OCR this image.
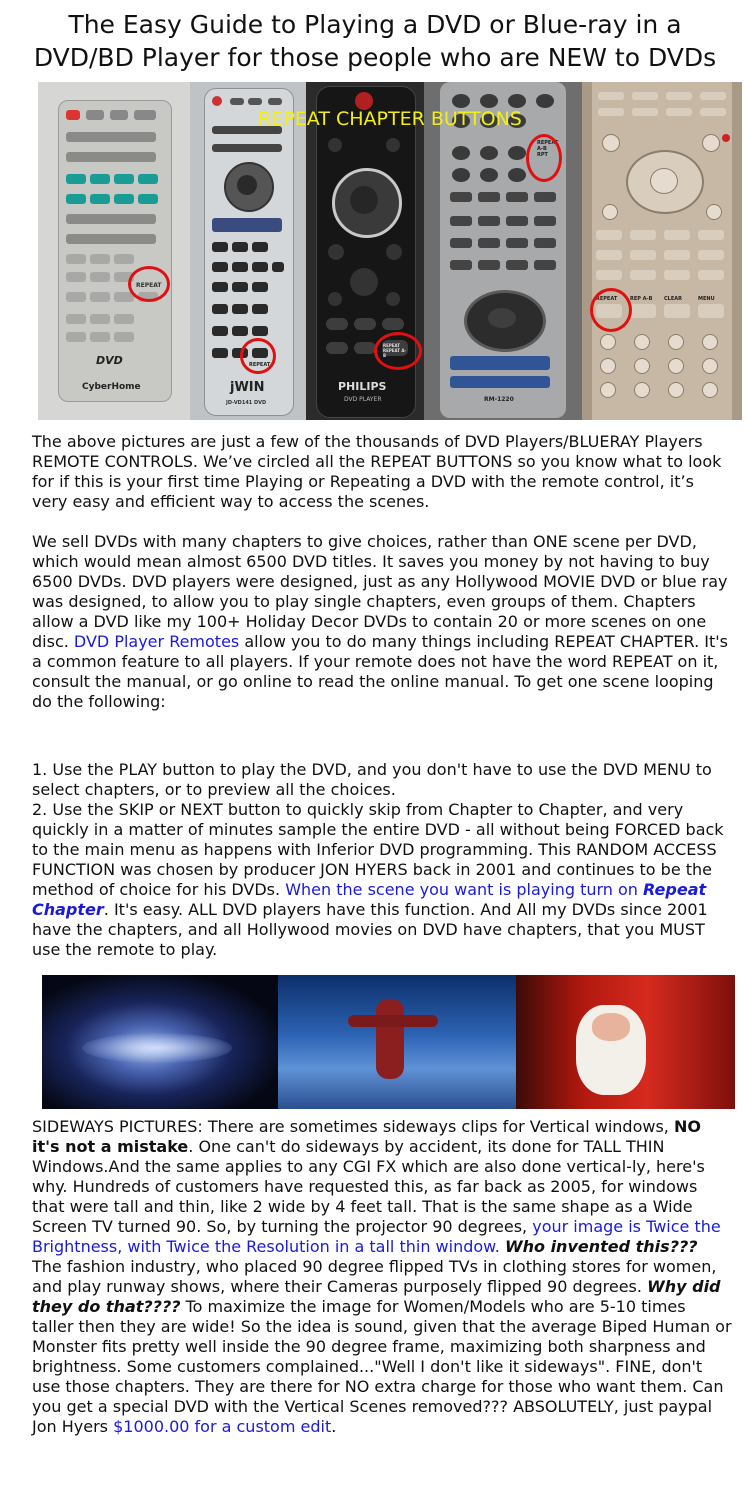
The Easy Guide to Playing a DVD or Blue-ray in a
DVD/BD Player for those people who are NEW to DVDs
REPEAT CHAPTER BUTTONS
REPEAT
DVD
CyberHome
REPEAT
jWIN
JD-VD141 DVD
REPEAT REPEAT A-B
PHILIPS
DVD PLAYER
REPEAT A-B RPT
RM-1220
REPEAT	REP A-B CLEAR	MENU

The above pictures are just a few of the thousands of DVD Players/BLUERAY Players REMOTE CONTROLS. We’ve circled all the REPEAT BUTTONS so you know what to look for if this is your first time Playing or Repeating a DVD with the remote control, it’s very easy and efficient way to access the scenes.

We sell DVDs with many chapters to give choices, rather than ONE scene per DVD, which would mean almost 6500 DVD titles. It saves you money by not having to buy 6500 DVDs. DVD players were designed, just as any Hollywood MOVIE DVD or blue ray was designed, to allow you to play single chapters, even groups of them. Chapters allow a DVD like my 100+ Holiday Decor DVDs to contain 20 or more scenes on one disc. DVD Player Remotes allow you to do many things including REPEAT CHAPTER. It's a common feature to all players. If your remote does not have the word REPEAT on it, consult the manual, or go online to read the online manual. To get one scene looping do the following:

1. Use the PLAY button to play the DVD, and you don't have to use the DVD MENU to select chapters, or to preview all the choices.

2. Use the SKIP or NEXT button to quickly skip from Chapter to Chapter, and very quickly in a matter of minutes sample the entire DVD - all without being FORCED back to the main menu as happens with Inferior DVD programming. This RANDOM ACCESS FUNCTION was chosen by producer JON HYERS back in 2001 and continues to be the method of choice for his DVDs. When the scene you want is playing turn on Repeat Chapter. It's easy. ALL DVD players have this function. And All my DVDs since 2001 have the chapters, and all Hollywood movies on DVD have chapters, that you MUST use the remote to play.

SIDEWAYS PICTURES: There are sometimes sideways clips for Vertical windows, NO it's not a mistake. One can't do sideways by accident, its done for TALL THIN Windows.And the same applies to any CGI FX which are also done vertical-ly, here's why. Hundreds of customers have requested this, as far back as 2005, for windows that were tall and thin, like 2 wide by 4 feet tall. That is the same shape as a Wide Screen TV turned 90. So, by turning the projector 90 degrees, your image is Twice the Brightness, with Twice the Resolution in a tall thin window. Who invented this??? The fashion industry, who placed 90 degree flipped TVs in clothing stores for women, and play runway shows, where their Cameras purposely flipped 90 degrees. Why did they do that???? To maximize the image for Women/Models who are 5-10 times taller then they are wide! So the idea is sound, given that the average Biped Human or Monster fits pretty well inside the 90 degree frame, maximizing both sharpness and brightness. Some customers complained..."Well I don't like it sideways". FINE, don't use those chapters. They are there for NO extra charge for those who want them. Can you get a special DVD with the Vertical Scenes removed??? ABSOLUTELY, just paypal Jon Hyers $1000.00 for a custom edit.
